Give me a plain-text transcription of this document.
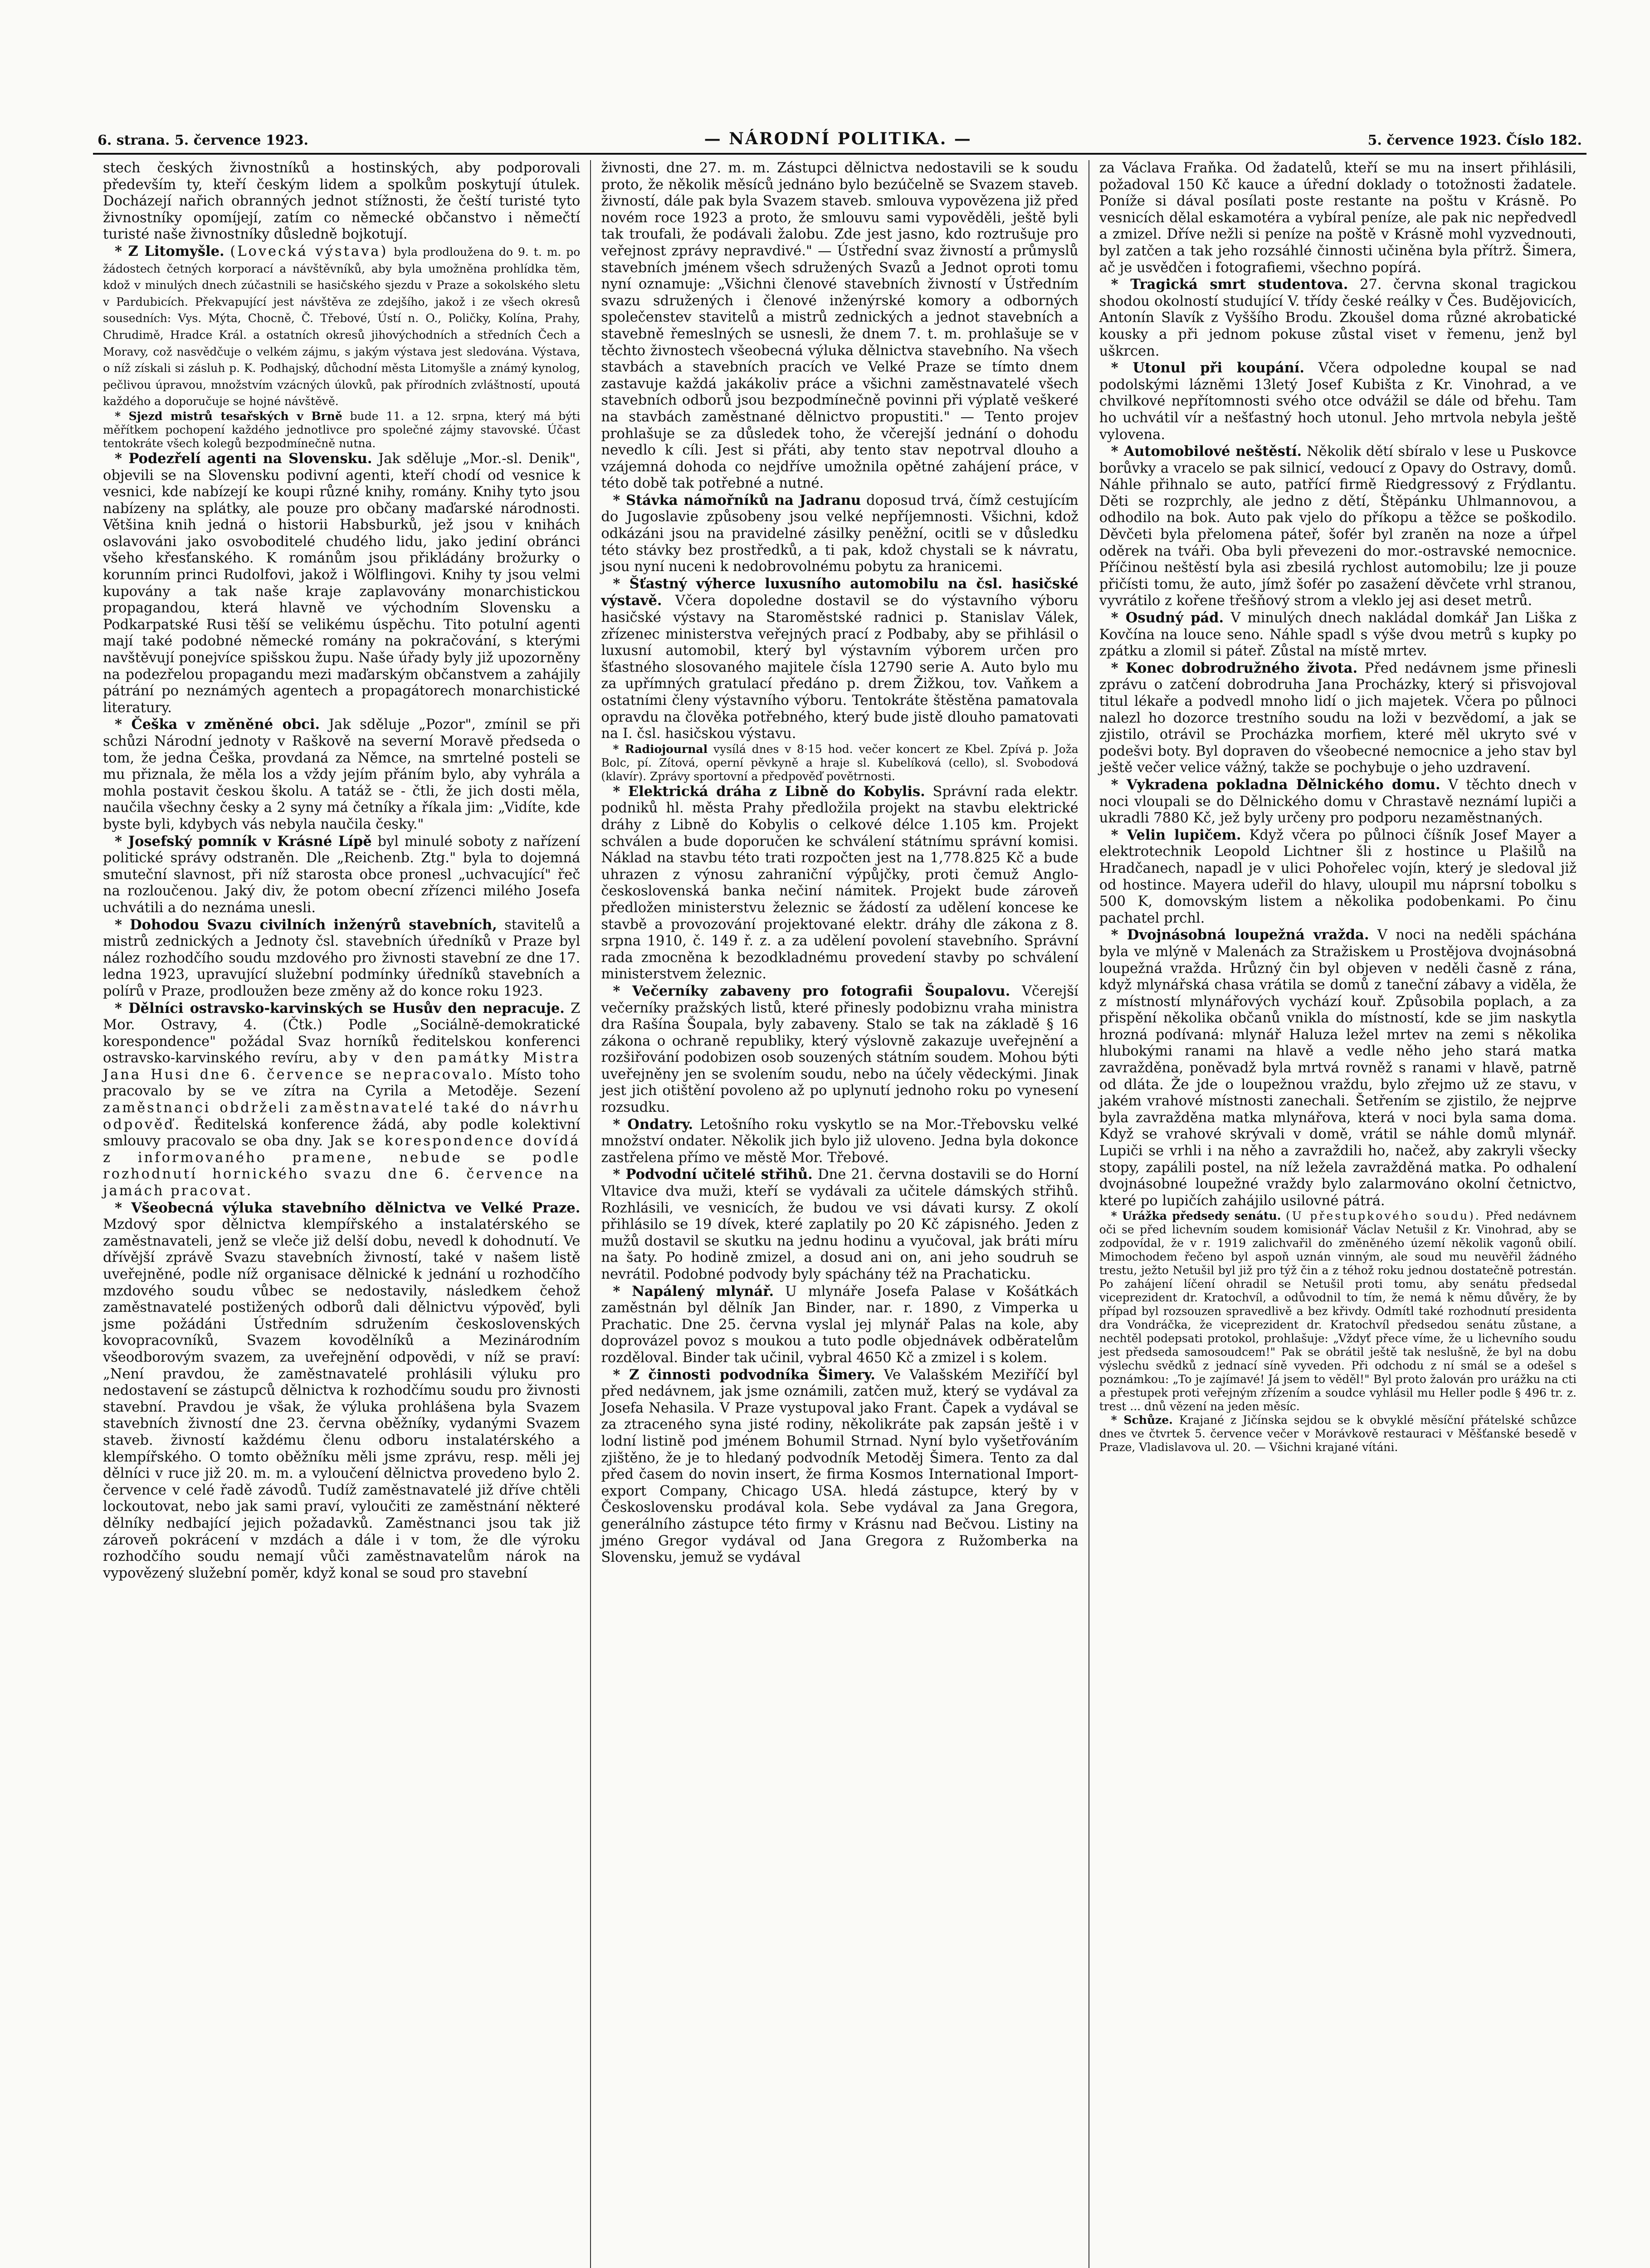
6. strana. 5. července 1923.	— NÁRODNÍ POLITIKA. —	5. července 1923. Číslo 182.

stech českých živnostníků a hostinských, aby podporovali především ty, kteří českým lidem a spolkům poskytují útulek. Docházejí nařich obranných jednot stížnosti, že čeští turisté tyto živnostníky opomíjejí, zatím co německé občanstvo i němečtí turisté naše živnostníky důsledně bojkotují.

* Z Litomyšle. (Lovecká výstava) bylа prodloužena do 9. t. m. po žádostech četných korporací a návštěvníků, aby byla umožněna prohlídka těm, kdož v minulých dnech zúčastnili se hasičského sjezdu v Praze a sokolského sletu v Pardubicích. Překvapující jest návštěva ze zdejšího, jakož i ze všech okresů sousedních: Vys. Mýta, Chocně, Č. Třebové, Ústí n. O., Poličky, Kolína, Prahy, Chrudimě, Hradce Král. a ostatních okresů jihovýchodních a středních Čech a Moravy, což nasvědčuje o velkém zájmu, s jakým výstava jest sledována. Výstava, o níž získali si zásluh p. K. Podhajský, důchodní města Litomyšle a známý kynolog, pečlivou úpravou, množstvím vzácných úlovků, pak přírodních zvláštností, upoutá každého a doporučuje se hojné návštěvě.

* Sjezd mistrů tesařských v Brně bude 11. a 12. srpna, který má býti měřítkem pochopení každého jednotlivce pro společné zájmy stavovské. Účast tentokráte všech kolegů bezpodmínečně nutna.

* Podezřelí agenti na Slovensku. Jak sděluje „Mor.-sl. Denik", objevili se na Slovensku podivní agenti, kteří chodí od vesnice k vesnici, kde nabízejí ke koupi různé knihy, romány. Knihy tyto jsou nabízeny na splátky, ale pouze pro občany maďarské národnosti. Většina knih jedná o historii Habsburků, jež jsou v knihách oslavováni jako osvoboditelé chudého lidu, jako jediní obránci všeho křesťanského. K románům jsou přikládány brožurky o korunním princi Rudolfovi, jakož i Wölflingovi. Knihy ty jsou velmi kupovány a tak naše kraje zaplavovány monarchistickou propagandou, která hlavně ve východním Slovensku a Podkarpatské Rusi těší se velikému úspěchu. Tito potulní agenti mají také podobné německé romány na pokračování, s kterými navštěvují ponejvíce spišskou župu. Naše úřady byly již upozorněny na podezřelou propagandu mezi maďarským občanstvem a zahájily pátrání po neznámých agentech a propagátorech monarchistické literatury.

* Češka v změněné obci. Jak sděluje „Pozor", zmínil se při schůzi Národní jednoty v Raškově na severní Moravě předseda o tom, že jedna Češka, provdaná za Němce, na smrtelné posteli se mu přiznala, že měla los a vždy jejím přáním bylo, aby vyhrála a mohla postavit českou školu. A tatáž se - čtli, že jich dosti měla, naučila všechny česky a 2 syny má četníky a říkala jim: „Vidíte, kde byste byli, kdybych vás nebyla naučila česky."

* Josefský pomník v Krásné Lípě byl minulé soboty z nařízení politické správy odstraněn. Dle „Reichenb. Ztg." byla to dojemná smuteční slavnost, při níž starosta obce pronesl „uchvacující" řeč na rozloučenou. Jaký div, že potom obecní zřízenci milého Josefa uchvátili a do neznáma unesli.

* Dohodou Svazu civilních inženýrů stavebních, stavitelů a mistrů zednických a Jednoty čsl. stavebních úředníků v Praze byl nález rozhodčího soudu mzdového pro živnosti stavební ze dne 17. ledna 1923, upravující služební podmínky úředníků stavebních a polírů v Praze, prodloužen beze změny až do konce roku 1923.

* Dělníci ostravsko-karvinských se Husův den nepracuje. Z Mor. Ostravy, 4. (Čtk.) Podle „Sociálně-demokratické korespondence" požádal Svaz horníků ředitelskou konferenci ostravsko-karvinského revíru, aby v den památky Mistra Jana Husi dne 6. července se nepracovalo. Místo toho pracovalo by se ve zítra na Cyrila a Metoděje. Sezení zaměstnanci obdrželi zaměstnavatelé také do návrhu odpověď. Ředitelská konference žádá, aby podle kolektivní smlouvy pracovalo se oba dny. Jak se korespondence dovídá z informovaného pramene, nebude se podle rozhodnutí hornického svazu dne 6. července na jamách pracovat.

* Všeobecná výluka stavebního dělnictva ve Velké Praze. Mzdový spor dělnictva klempířského a instalatérského se zaměstnavateli, jenž se vleče již delší dobu, nevedl k dohodnutí. Ve dřívější zprávě Svazu stavebních živností, také v našem listě uveřejněné, podle níž organisace dělnické k jednání u rozhodčího mzdového soudu vůbec se nedostavily, následkem čehož zaměstnavatelé postižených odborů dali dělnictvu výpověď, byli jsme požádáni Ústředním sdružením československých kovopracovníků, Svazem kovodělníků a Mezinárodním všeodborovým svazem, za uveřejnění odpovědi, v níž se praví: „Není pravdou, že zaměstnavatelé prohlásili výluku pro nedostavení se zástupců dělnictva k rozhodčímu soudu pro živnosti stavební. Pravdou je však, že výluka prohlášena byla Svazem stavebních živností dne 23. června oběžníky, vydanými Svazem staveb. živností každému členu odboru instalatérského a klempířského. O tomto oběžníku měli jsme zprávu, resp. měli jej dělníci v ruce již 20. m. m. a vyloučení dělnictva provedeno bylo 2. července v celé řadě závodů. Tudíž zaměstnavatelé již dříve chtěli lockoutovat, nebo jak sami praví, vyloučiti ze zaměstnání některé dělníky nedbající jejich požadavků. Zaměstnanci jsou tak již zároveň pokrácení v mzdách a dále i v tom, že dle výroku rozhodčího soudu nemají vůči zaměstnavatelům nárok na vypovězený služební poměr, když konal se soud pro stavební

živnosti, dne 27. m. m. Zástupci dělnictva nedostavili se k soudu proto, že několik měsíců jednáno bylo bezúčelně se Svazem staveb. živností, dále pak byla Svazem staveb. smlouva vypovězena již před novém roce 1923 a proto, že smlouvu sami vypověděli, ještě byli tak troufali, že podávali žalobu. Zde jest jasno, kdo roztrušuje pro veřejnost zprávy nepravdivé." — Ústřední svaz živností a průmyslů stavebních jménem všech sdružených Svazů a Jednot oproti tomu nyní oznamuje: „Všichni členové stavebních živností v Ústředním svazu sdružených i členové inženýrské komory a odborných společenstev stavitelů a mistrů zednických a jednot stavebních a stavebně řemeslných se usnesli, že dnem 7. t. m. prohlašuje se v těchto živnostech všeobecná výluka dělnictva stavebního. Na všech stavbách a stavebních pracích ve Velké Praze se tímto dnem zastavuje každá jakákoliv práce a všichni zaměstnavatelé všech stavebních odborů jsou bezpodmínečně povinni při výplatě veškeré na stavbách zaměstnané dělnictvo propustiti." — Tento projev prohlašuje se za důsledek toho, že včerejší jednání o dohodu nevedlo k cíli. Jest si přáti, aby tento stav nepotrval dlouho a vzájemná dohoda co nejdříve umožnila opětné zahájení práce, v této době tak potřebné a nutné.

* Stávka námořníků na Jadranu doposud trvá, čímž cestujícím do Jugoslavie způsobeny jsou velké nepříjemnosti. Všichni, kdož odkázáni jsou na pravidelné zásilky peněžní, ocitli se v důsledku této stávky bez prostředků, a ti pak, kdož chystali se k návratu, jsou nyní nuceni k nedobrovolnému pobytu za hranicemi.

* Šťastný výherce luxusního automobilu na čsl. hasičské výstavě. Včera dopoledne dostavil se do výstavního výboru hasičské výstavy na Staroměstské radnici p. Stanislav Válek, zřízenec ministerstva veřejných prací z Podbaby, aby se přihlásil o luxusní automobil, který byl výstavním výborem určen pro šťastného slosovaného majitele čísla 12790 serie A. Auto bylo mu za upřímných gratulací předáno p. drem Žižkou, tov. Vaňkem a ostatními členy výstavního výboru. Tentokráte štěstěna pamatovala opravdu na člověka potřebného, který bude jistě dlouho pamatovati na I. čsl. hasičskou výstavu.

* Radiojournal vysílá dnes v 8·15 hod. večer koncert ze Kbel. Zpívá p. Joža Bolc, pí. Zítová, operní pěvkyně a hraje sl. Kubelíková (cello), sl. Svobodová (klavír). Zprávy sportovní a předpověď povětrnosti.

* Elektrická dráha z Libně do Kobylis. Správní rada elektr. podniků hl. města Prahy předložila projekt na stavbu elektrické dráhy z Libně do Kobylis o celkové délce 1.105 km. Projekt schválen a bude doporučen ke schválení státnímu správní komisi. Náklad na stavbu této trati rozpočten jest na 1,778.825 Kč a bude uhrazen z výnosu zahraniční výpůjčky, proti čemuž Anglo-československá banka nečiní námitek. Projekt bude zároveň předložen ministerstvu železnic se žádostí za udělení koncese ke stavbě a provozování projektované elektr. dráhy dle zákona z 8. srpna 1910, č. 149 ř. z. a za udělení povolení stavebního. Správní rada zmocněna k bezodkladnému provedení stavby po schválení ministerstvem železnic.

* Večerníky zabaveny pro fotografii Šoupalovu. Včerejší večerníky pražských listů, které přinesly podobiznu vraha ministra dra Rašína Šoupala, byly zabaveny. Stalo se tak na základě § 16 zákona o ochraně republiky, který výslovně zakazuje uveřejnění a rozšiřování podobizen osob souzených státním soudem. Mohou býti uveřejněny jen se svolením soudu, nebo na účely vědeckými. Jinak jest jich otištění povoleno až po uplynutí jednoho roku po vynesení rozsudku.

* Ondatry. Letošního roku vyskytlo se na Mor.-Třebovsku velké množství ondater. Několik jich bylo již ulovenо. Jedna byla dokonce zastřelena přímo ve městě Mor. Třebové.

* Podvodní učitelé střihů. Dne 21. června dostavili se do Horní Vltavice dva muži, kteří se vydávali za učitele dámských střihů. Rozhlásili, ve vesnicích, že budou ve vsi dávati kursy. Z okolí přihlásilo se 19 dívek, které zaplatily po 20 Kč zápisného. Jeden z mužů dostavil se skutku na jednu hodinu a vyučoval, jak bráti míru na šaty. Po hodině zmizel, a dosud ani on, ani jeho soudruh se nevrátil. Podobné podvody byly spáchány též na Prachaticku.

* Napálený mlynář. U mlynáře Josefa Palase v Košátkách zaměstnán byl dělník Jan Binder, nar. r. 1890, z Vimperka u Prachatic. Dne 25. června vyslal jej mlynář Palas na kole, aby doprovázel povoz s moukou a tuto podle objednávek odběratelům rozdělоval. Binder tak učinil, vybral 4650 Kč a zmizel i s kolem.

* Z činnosti podvodníka Šimery. Ve Valašském Meziříčí byl před nedávnem, jak jsme oznámili, zatčen muž, který se vydával za Josefa Nehasila. V Praze vystupoval jako Frant. Čapek a vydával se za ztraceného syna jisté rodiny, několikráte pak zapsán ještě i v lodní listině pod jménem Bohumil Strnad. Nyní bylo vyšetřováním zjištěno, že je to hledaný podvodník Metoděj Šimera. Tento za dal před časem do novin insert, že firma Kosmos International Import-export Company, Chicago USA. hledá zástupce, který by v Československu prodával kola. Sebe vydával za Jana Gregora, generálního zástupce této firmy v Krásnu nad Bečvou. Listiny na jméno Gregor vydával od Jana Gregora z Ružomberka na Slovensku, jemuž se vydával

za Václava Fraňka. Od žadatelů, kteří se mu na insert přihlásili, požadoval 150 Kč kauce a úřední doklady o totožnosti žadatele. Poníže si dával posílati poste restante na poštu v Krásně. Po vesnicích dělal eskamotéra a vybíral peníze, ale pak nic nepředvedl a zmizel. Dříve nežli si peníze na poště v Krásně mohl vyzvednouti, byl zatčen a tak jeho rozsáhlé činnosti učiněna byla přítrž. Šimera, ač je usvědčen i fotografiemi, všechno popírá.

* Tragická smrt studentova. 27. června skonal tragickou shodou okolností studující V. třídy české reálky v Čes. Budějovicích, Antonín Slavík z Vyššího Brodu. Zkoušel doma různé akrobatické kousky a při jednom pokuse zůstal viset v řemenu, jenž byl uškrcen.

* Utonul při koupání. Včera odpoledne koupal se nad podolskými lázněmi 13letý Josef Kubišta z Kr. Vinohrad, a ve chvilkové nepřítomnosti svého otce odvážil se dále od břehu. Tam ho uchvátil vír a nešťastný hoch utonul. Jeho mrtvola nebyla ještě vylovena.

* Automobilové neštěstí. Několik dětí sbíralo v lese u Puskovce borůvky a vracelo se pak silnicí, vedoucí z Opavy do Ostravy, domů. Náhle přihnalo se auto, patřící firmě Riedgressový z Frýdlantu. Děti se rozprchly, ale jedno z dětí, Štěpánku Uhlmannovou, a odhodilo na bok. Auto pak vjelo do příkopu a těžce se poškodilo. Děvčeti byla přelomena páteř, šofér byl zraněn na noze a úřpel oděrek na tváři. Oba byli převezeni do mor.-ostravské nemocnice. Příčinou neštěstí byla asi zbesilá rychlost automobilu; lze ji pouze přičísti tomu, že auto, jímž šofér po zasažení děvčete vrhl stranou, vyvrátilo z kořene třešňový strom a vleklo jej asi deset metrů.

* Osudný pád. V minulých dnech nakládal domkář Jan Liška z Kovčína na louce seno. Náhle spadl s výše dvou metrů s kupky po zpátku a zlomil si páteř. Zůstal na místě mrtev.

* Konec dobrodružného života. Před nedávnem jsme přinesli zprávu o zatčení dobrodruha Jana Procházky, který si přisvojoval titul lékaře a podvedl mnoho lidí o jich majetek. Včera po půlnoci nalezl ho dozorce trestního soudu na loži v bezvědomí, a jak se zjistilo, otrávil se Procházka morfiem, které měl ukryto své v podešvi boty. Byl dopraven do všeobecné nemocnice a jeho stav byl ještě večer velice vážný, takže se pochybuje o jeho uzdravení.

* Vykradena pokladna Dělnického domu. V těchto dnech v noci vloupali se do Dělnického domu v Chrastavě neznámí lupiči a ukradli 7880 Kč, jež byly určeny pro podporu nezaměstnaných.

* Velin lupičem. Když včera po půlnoci číšník Josef Mayer a elektrotechnik Leopold Lichtner šli z hostince u Plašilů na Hradčanech, napadl je v ulici Pohořelec vojín, který je sledoval již od hostince. Mayera udeřil do hlavy, uloupil mu náprsní tobolku s 500 K, domovským listem a několika podobenkami. Po činu pachatel prchl.

* Dvojnásobná loupežná vražda. V noci na neděli spáchána byla ve mlýně v Malenách za Stražiskem u Prostějova dvojnásobná loupežná vražda. Hrůzný čin byl objeven v neděli časně z rána, když mlynářská chasa vrátila se domů z taneční zábavy a viděla, že z místností mlynářových vychází kouř. Způsobila poplach, a za přispění několika občanů vnikla do místností, kde se jim naskytla hrozná podívaná: mlynář Haluza ležel mrtev na zemi s několika hlubokými ranami na hlavě a vedle něho jeho stará matka zavražděna, poněvadž byla mrtvá rovněž s ranami v hlavě, patrně od dláta. Že jde o loupežnou vraždu, bylo zřejmo už ze stavu, v jakém vrahové místnosti zanechali. Šetřením se zjistilo, že nejprve byla zavražděna matka mlynářova, která v noci byla sama doma. Když se vrahové skrývali v domě, vrátil se náhle domů mlynář. Lupiči se vrhli i na něho a zavraždili ho, načež, aby zakryli všecky stopy, zapálili postel, na níž ležela zavražděná matka. Po odhalení dvojnásobné loupežné vraždy bylo zalarmováno okolní četnictvo, které po lupičích zahájilo usilovné pátrá.

* Urážka předsedy senátu. (U přestupkového soudu). Před nedávnem oči se před lichevním soudem komisionář Václav Netušil z Kr. Vinohrad, aby se zodpovídal, že v r. 1919 zalichvařil do změněného území několik vagonů obilí. Mimochodem řečeno byl aspoň uznán vinným, ale soud mu neuvěřil žádného trestu, ježto Netušil byl již pro týž čin a z téhož roku jednou dostatečně potrestán. Po zahájení líčení ohradil se Netušil proti tomu, aby senátu předsedal viceprezident dr. Kratochvíl, a odůvodnil to tím, že nemá k němu důvěry, že by případ byl rozsouzen spravedlivě a bez křivdy. Odmítl také rozhodnutí presidenta dra Vondráčka, že viceprezident dr. Kratochvíl předsedou senátu zůstane, a nechtěl podepsati protokol, prohlašuje: „Vždyť přece víme, že u lichevního soudu jest předseda samosoudcem!" Pak se obrátil ještě tak neslušně, že byl na dobu výslechu svědků z jednací síně vyveden. Při odchodu z ní smál se a odešel s poznámkou: „To je zajímavé! Já jsem to věděl!" Byl proto žalován pro urážku na cti a přestupek proti veřejným zřízením a soudce vyhlásil mu Heller podle § 496 tr. z. trest ... dnů vězení na jeden měsíc.

* Schůze. Krajané z Jičínska sejdou se k obvyklé měsíční přátelské schůzce dnes ve čtvrtek 5. července večer v Morávkově restauraci v Měšťanské besedě v Praze, Vladislavova ul. 20. — Všichni krajané vítáni.
